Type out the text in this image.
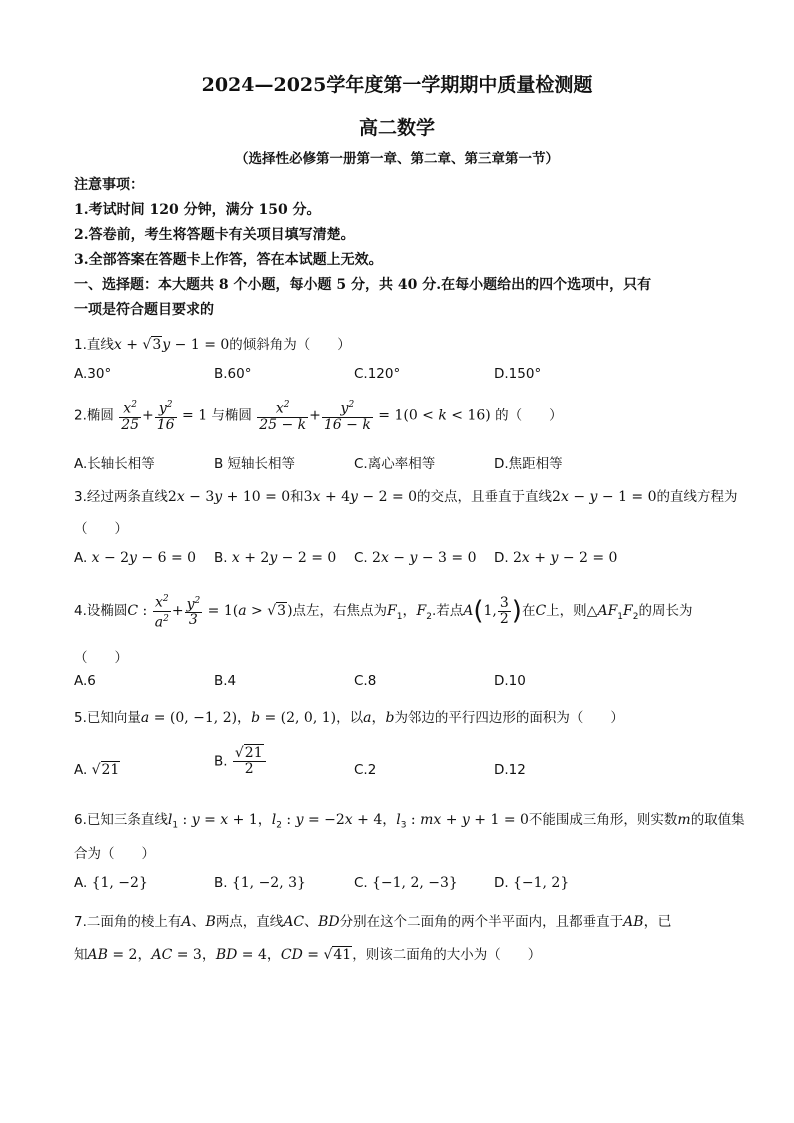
2024—2025学年度第一学期期中质量检测题
高二数学
（选择性必修第一册第一章、第二章、第三章第一节）
注意事项：
1.考试时间 120 分钟，满分 150 分。
2.答卷前，考生将答题卡有关项目填写清楚。
3.全部答案在答题卡上作答，答在本试题上无效。
一、选择题：本大题共 8 个小题，每小题 5 分，共 40 分.在每小题给出的四个选项中，只有
一项是符合题目要求的
1.直线x + √3y − 1 = 0的倾斜角为（　　）
A.30°	B.60°	C.120°	D.150°
2.椭圆 $\frac{x^2}{25} + \frac{y^2}{16} = 1$ 与椭圆 $\frac{x^2}{25 - k} + \frac{y^2}{16 - k} = 1(0 < k < 16)$ 的（　　）
A.长轴长相等	B 短轴长相等	C.离心率相等	D.焦距相等
3.经过两条直线2x − 3y + 10 = 0和3x + 4y − 2 = 0的交点，且垂直于直线2x − y − 1 = 0的直线方程为
（　　）
A. x − 2y − 6 = 0 B. x + 2y − 2 = 0 C. 2x − y − 3 = 0 D. 2x + y − 2 = 0
4.设椭圆C : $\frac{x^2}{a^2} + \frac{y^2}{3} = 1(a > √3)$点左，右焦点为$F_1$，$F_2$.若点A(1, $\frac{3}{2}$ )在C上，则$\triangle AF_1F_2$的周长为
（　　）
A.6	B.4	C.8	D.10
5.已知向量a = (0, −1, 2)，b = (2, 0, 1)，以a，b为邻边的平行四边形的面积为（　　）
A. √21
B. $\frac{√21}{2}$	C.2	D.12
6.已知三条直线$l_1$ : y = x + 1，$l_2$ : y = −2x + 4，$l_3$ : mx + y + 1 = 0不能围成三角形，则实数m的取值集
合为（　　）
A. {1, −2}	B. {1, −2, 3}	C. {−1, 2, −3}	D. {−1, 2}
7.二面角的棱上有A、B两点，直线AC、BD分别在这个二面角的两个半平面内，且都垂直于AB，已
知AB = 2，AC = 3，BD = 4，CD = √41，则该二面角的大小为（　　）
